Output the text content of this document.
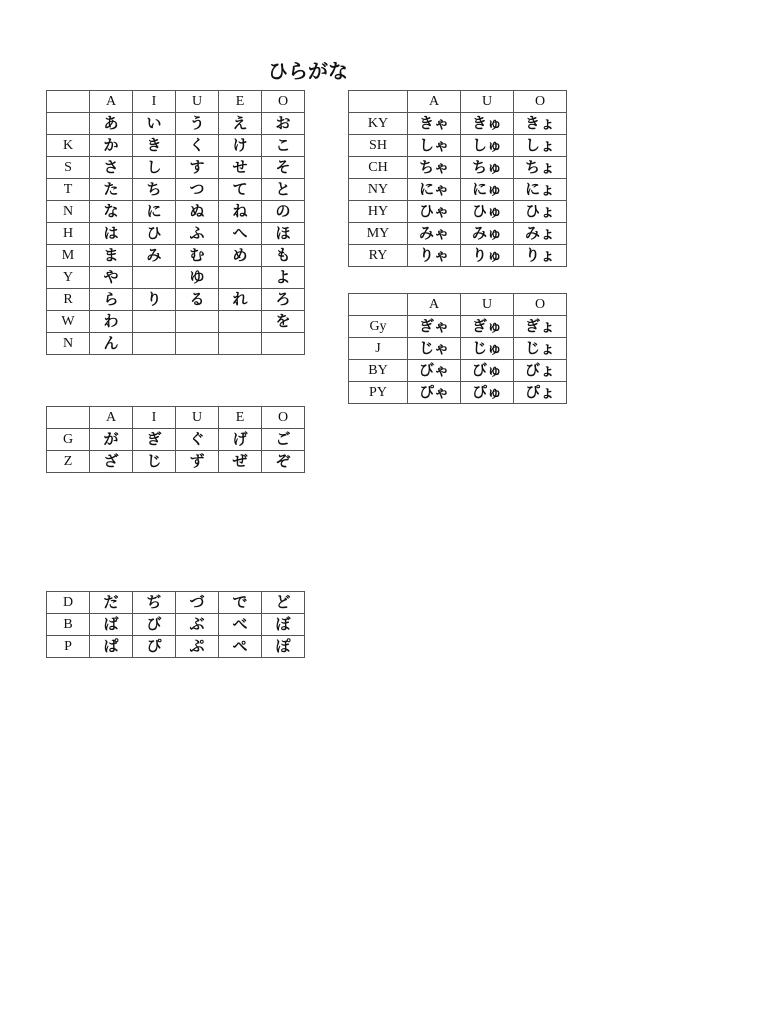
ひらがな
	A	I	U	E	O
	あ	い	う	え	お
K	か	き	く	け	こ
S	さ	し	す	せ	そ
T	た	ち	つ	て	と
N	な	に	ぬ	ね	の
H	は	ひ	ふ	へ	ほ
M	ま	み	む	め	も
Y	や		ゆ		よ
R	ら	り	る	れ	ろ
W	わ				を
N	ん				
	A	U	O
KY	きゃ	きゅ	きょ
SH	しゃ	しゅ	しょ
CH	ちゃ	ちゅ	ちょ
NY	にゃ	にゅ	にょ
HY	ひゃ	ひゅ	ひょ
MY	みゃ	みゅ	みょ
RY	りゃ	りゅ	りょ
	A	U	O
Gy	ぎゃ	ぎゅ	ぎょ
J	じゃ	じゅ	じょ
BY	びゃ	びゅ	びょ
PY	ぴゃ	ぴゅ	ぴょ
	A	I	U	E	O
G	が	ぎ	ぐ	げ	ご
Z	ざ	じ	ず	ぜ	ぞ
D	だ	ぢ	づ	で	ど
B	ば	び	ぶ	べ	ぼ
P	ぱ	ぴ	ぷ	ぺ	ぽ
